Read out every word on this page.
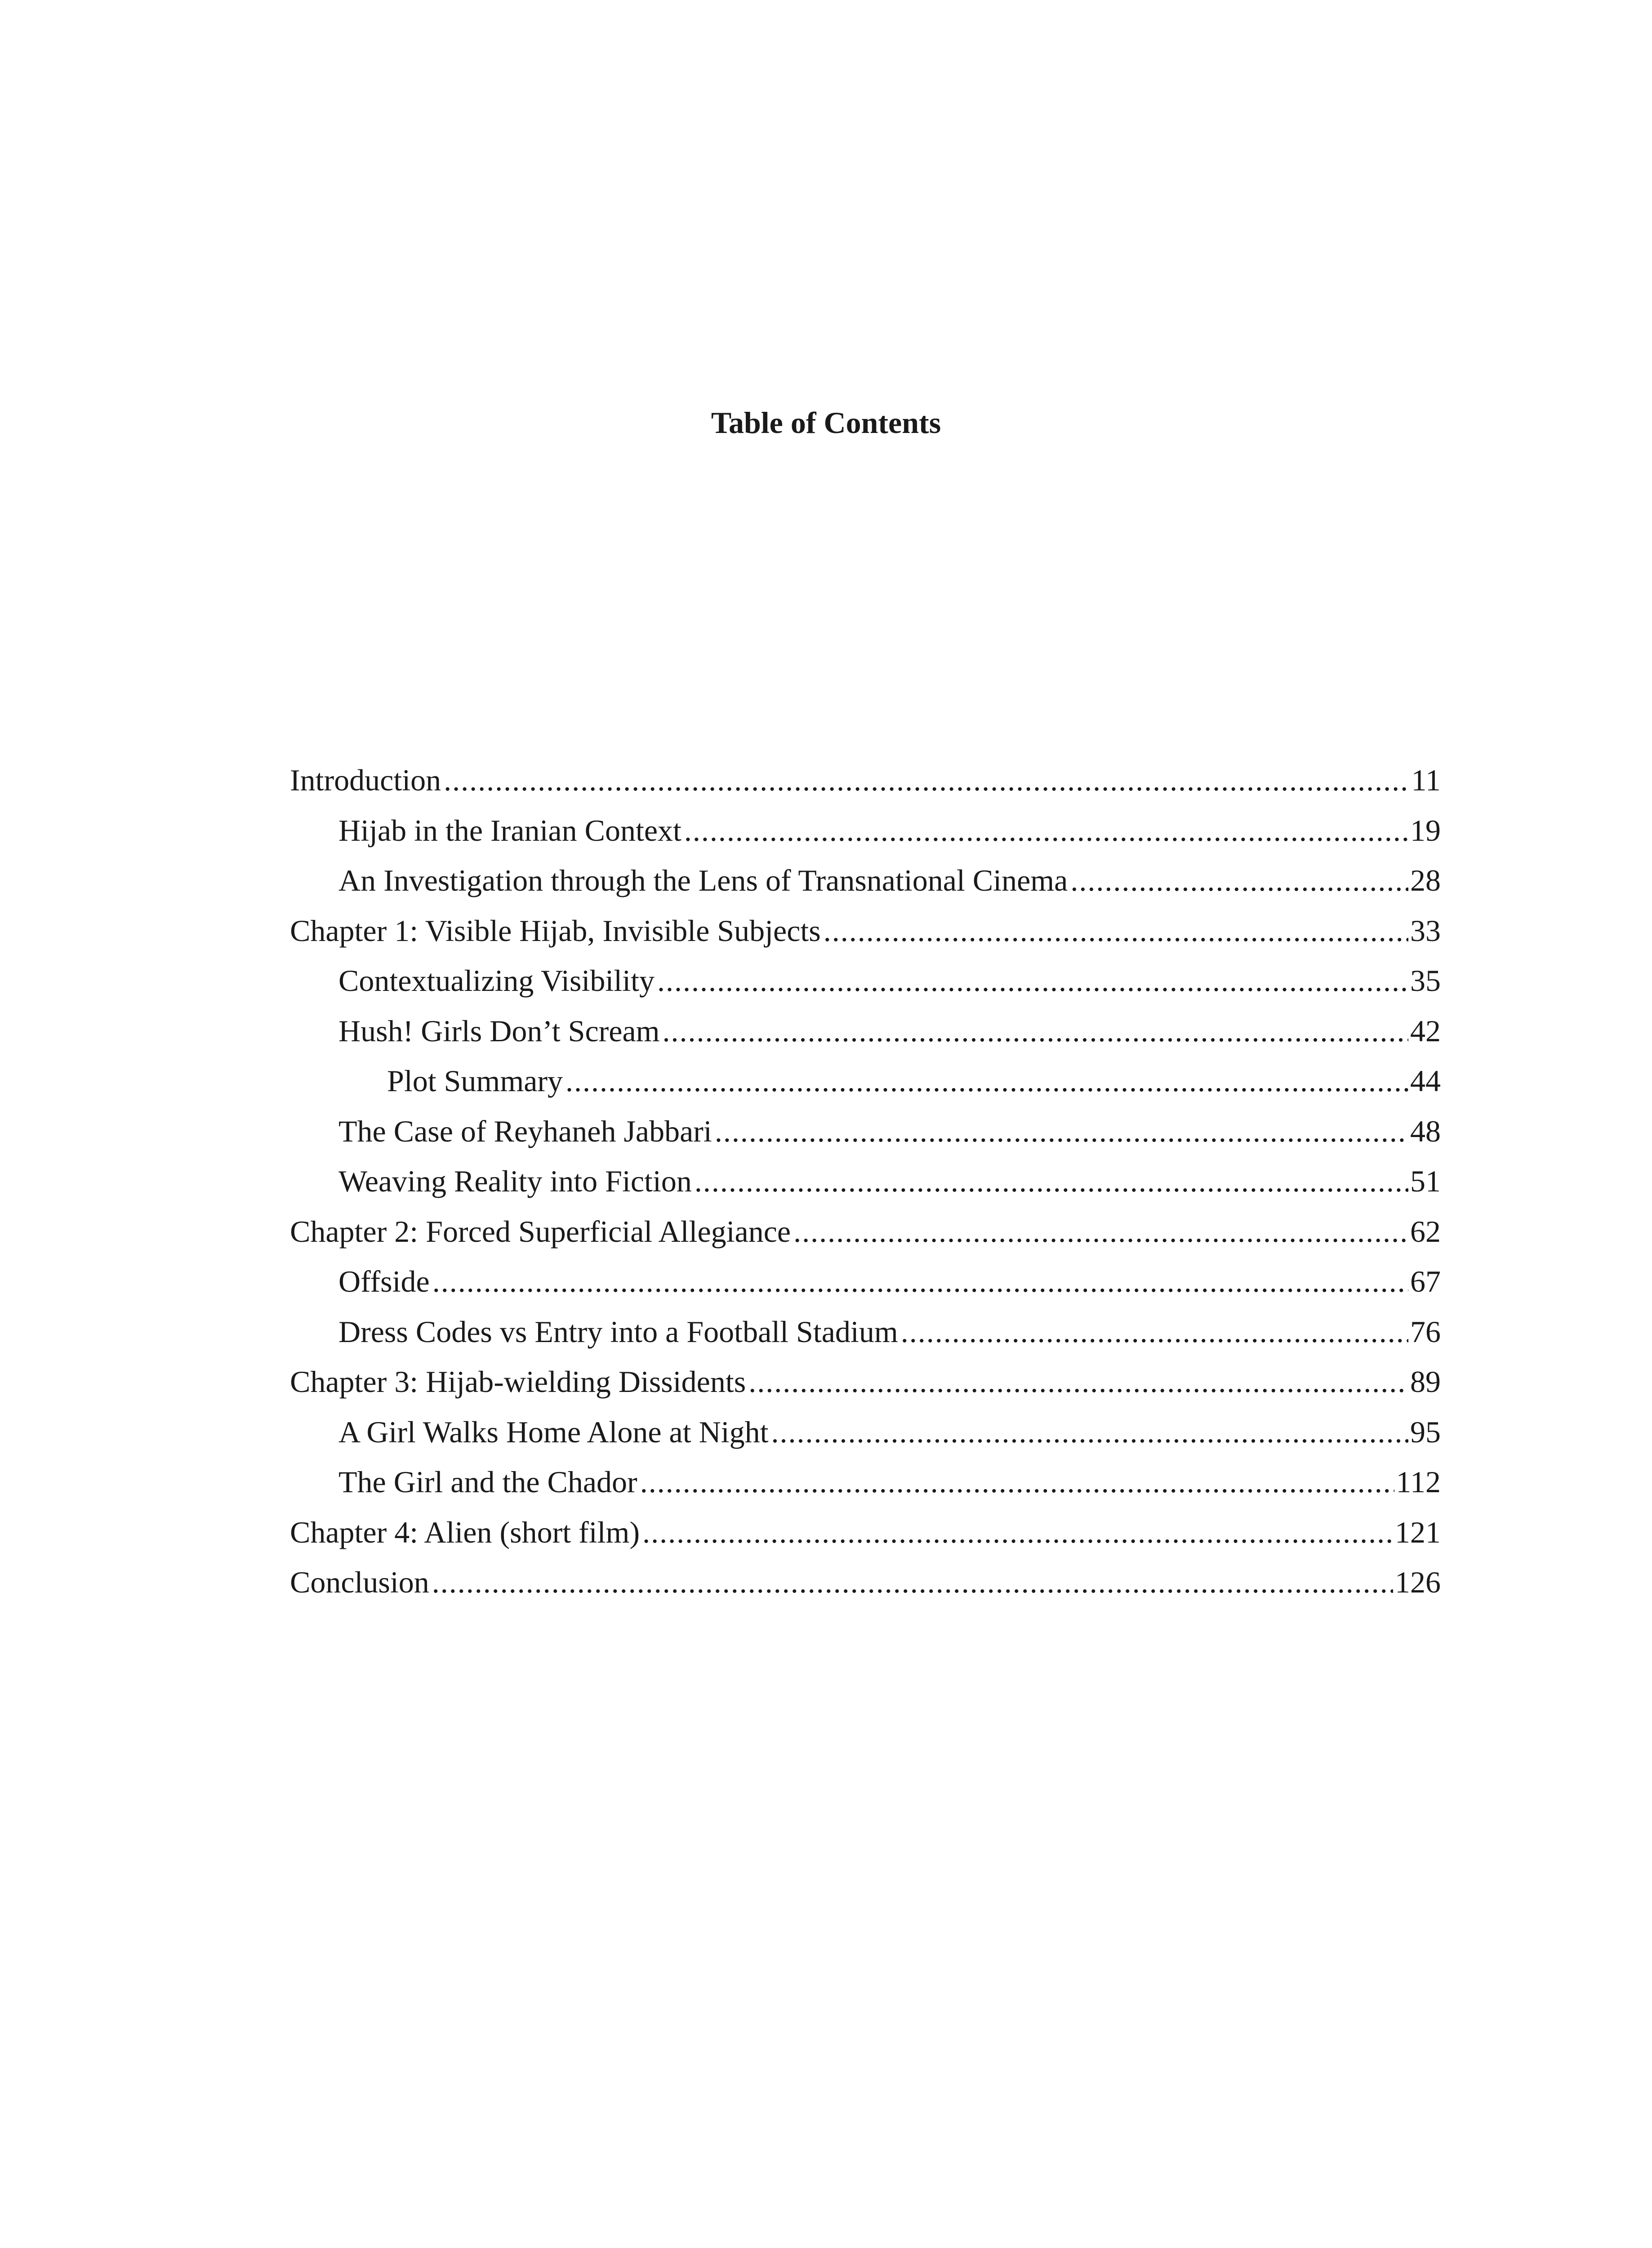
Table of Contents
Introduction .....	11
Hijab in the Iranian Context .....	19
An Investigation through the Lens of Transnational Cinema .....	28
Chapter 1: Visible Hijab, Invisible Subjects .....	33
Contextualizing Visibility .....	35
Hush! Girls Don’t Scream .....	42
Plot Summary .....	44
The Case of Reyhaneh Jabbari .....	48
Weaving Reality into Fiction .....	51
Chapter 2: Forced Superficial Allegiance .....	62
Offside .....	67
Dress Codes vs Entry into a Football Stadium .....	76
Chapter 3: Hijab-wielding Dissidents .....	89
A Girl Walks Home Alone at Night .....	95
The Girl and the Chador .....	112
Chapter 4: Alien (short film) .....	121
Conclusion .....	126
